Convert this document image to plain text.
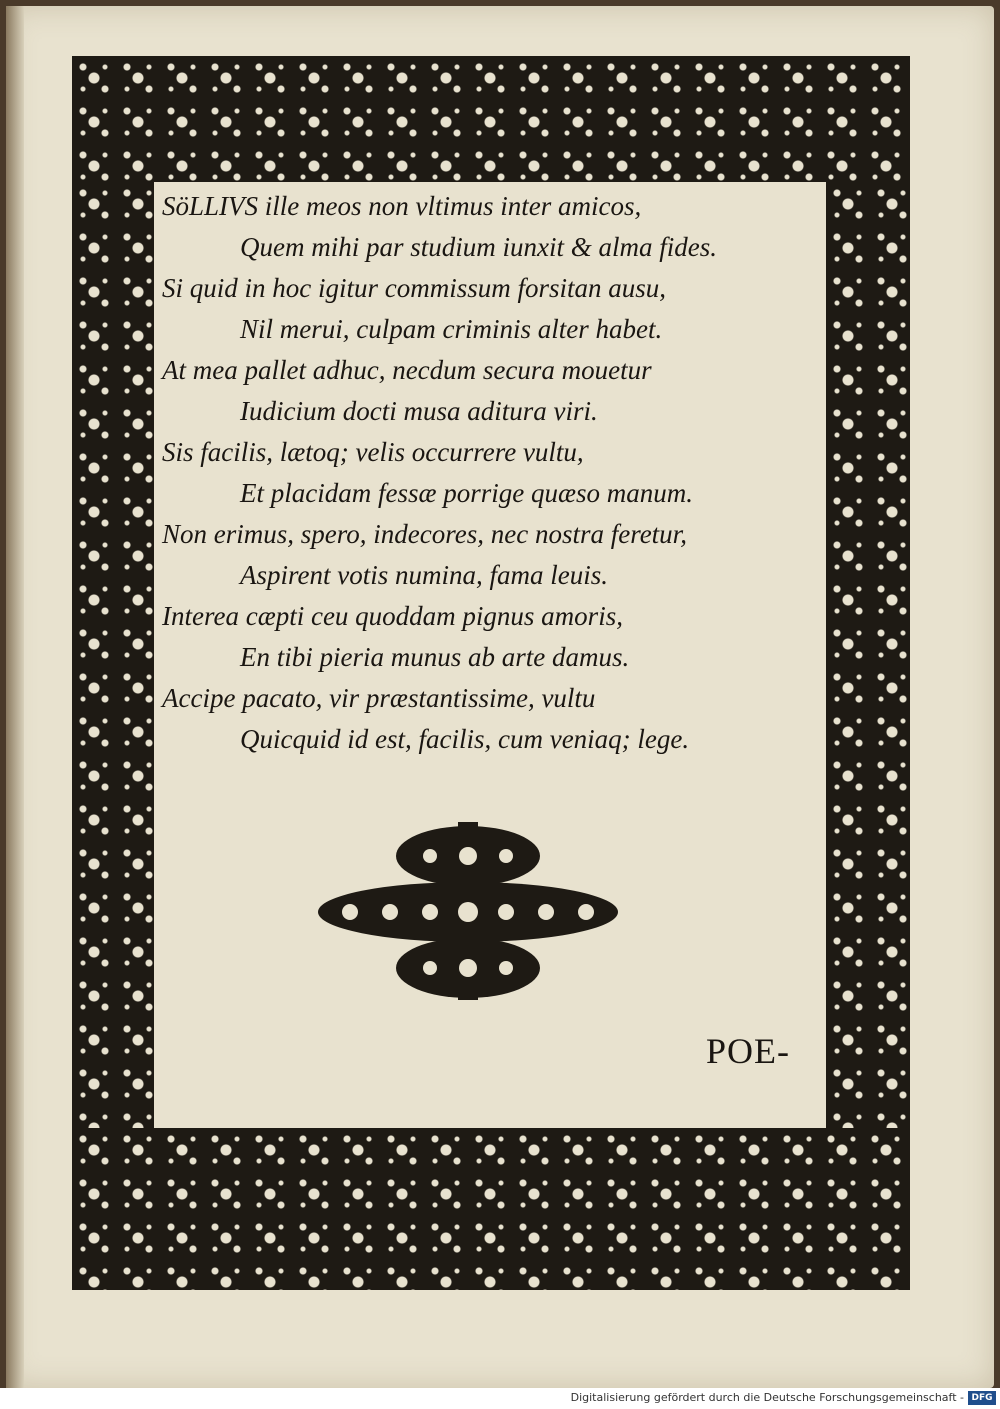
SöLLIVS ille meos non vltimus inter amicos,
Quem mihi par studium iunxit & alma fides.
Si quid in hoc igitur commissum forsitan ausu,
Nil merui, culpam criminis alter habet.
At mea pallet adhuc, necdum secura mouetur
Iudicium docti musa aditura viri.
Sis facilis, lætoq; velis occurrere vultu,
Et placidam fessæ porrige quæso manum.
Non erimus, spero, indecores, nec nostra feretur,
Aspirent votis numina, fama leuis.
Interea cæpti ceu quoddam pignus amoris,
En tibi pieria munus ab arte damus.
Accipe pacato, vir præstantissime, vultu
Quicquid id est, facilis, cum veniaq; lege.
POE-
Digitalisierung gefördert durch die Deutsche Forschungsgemeinschaft - DFG
